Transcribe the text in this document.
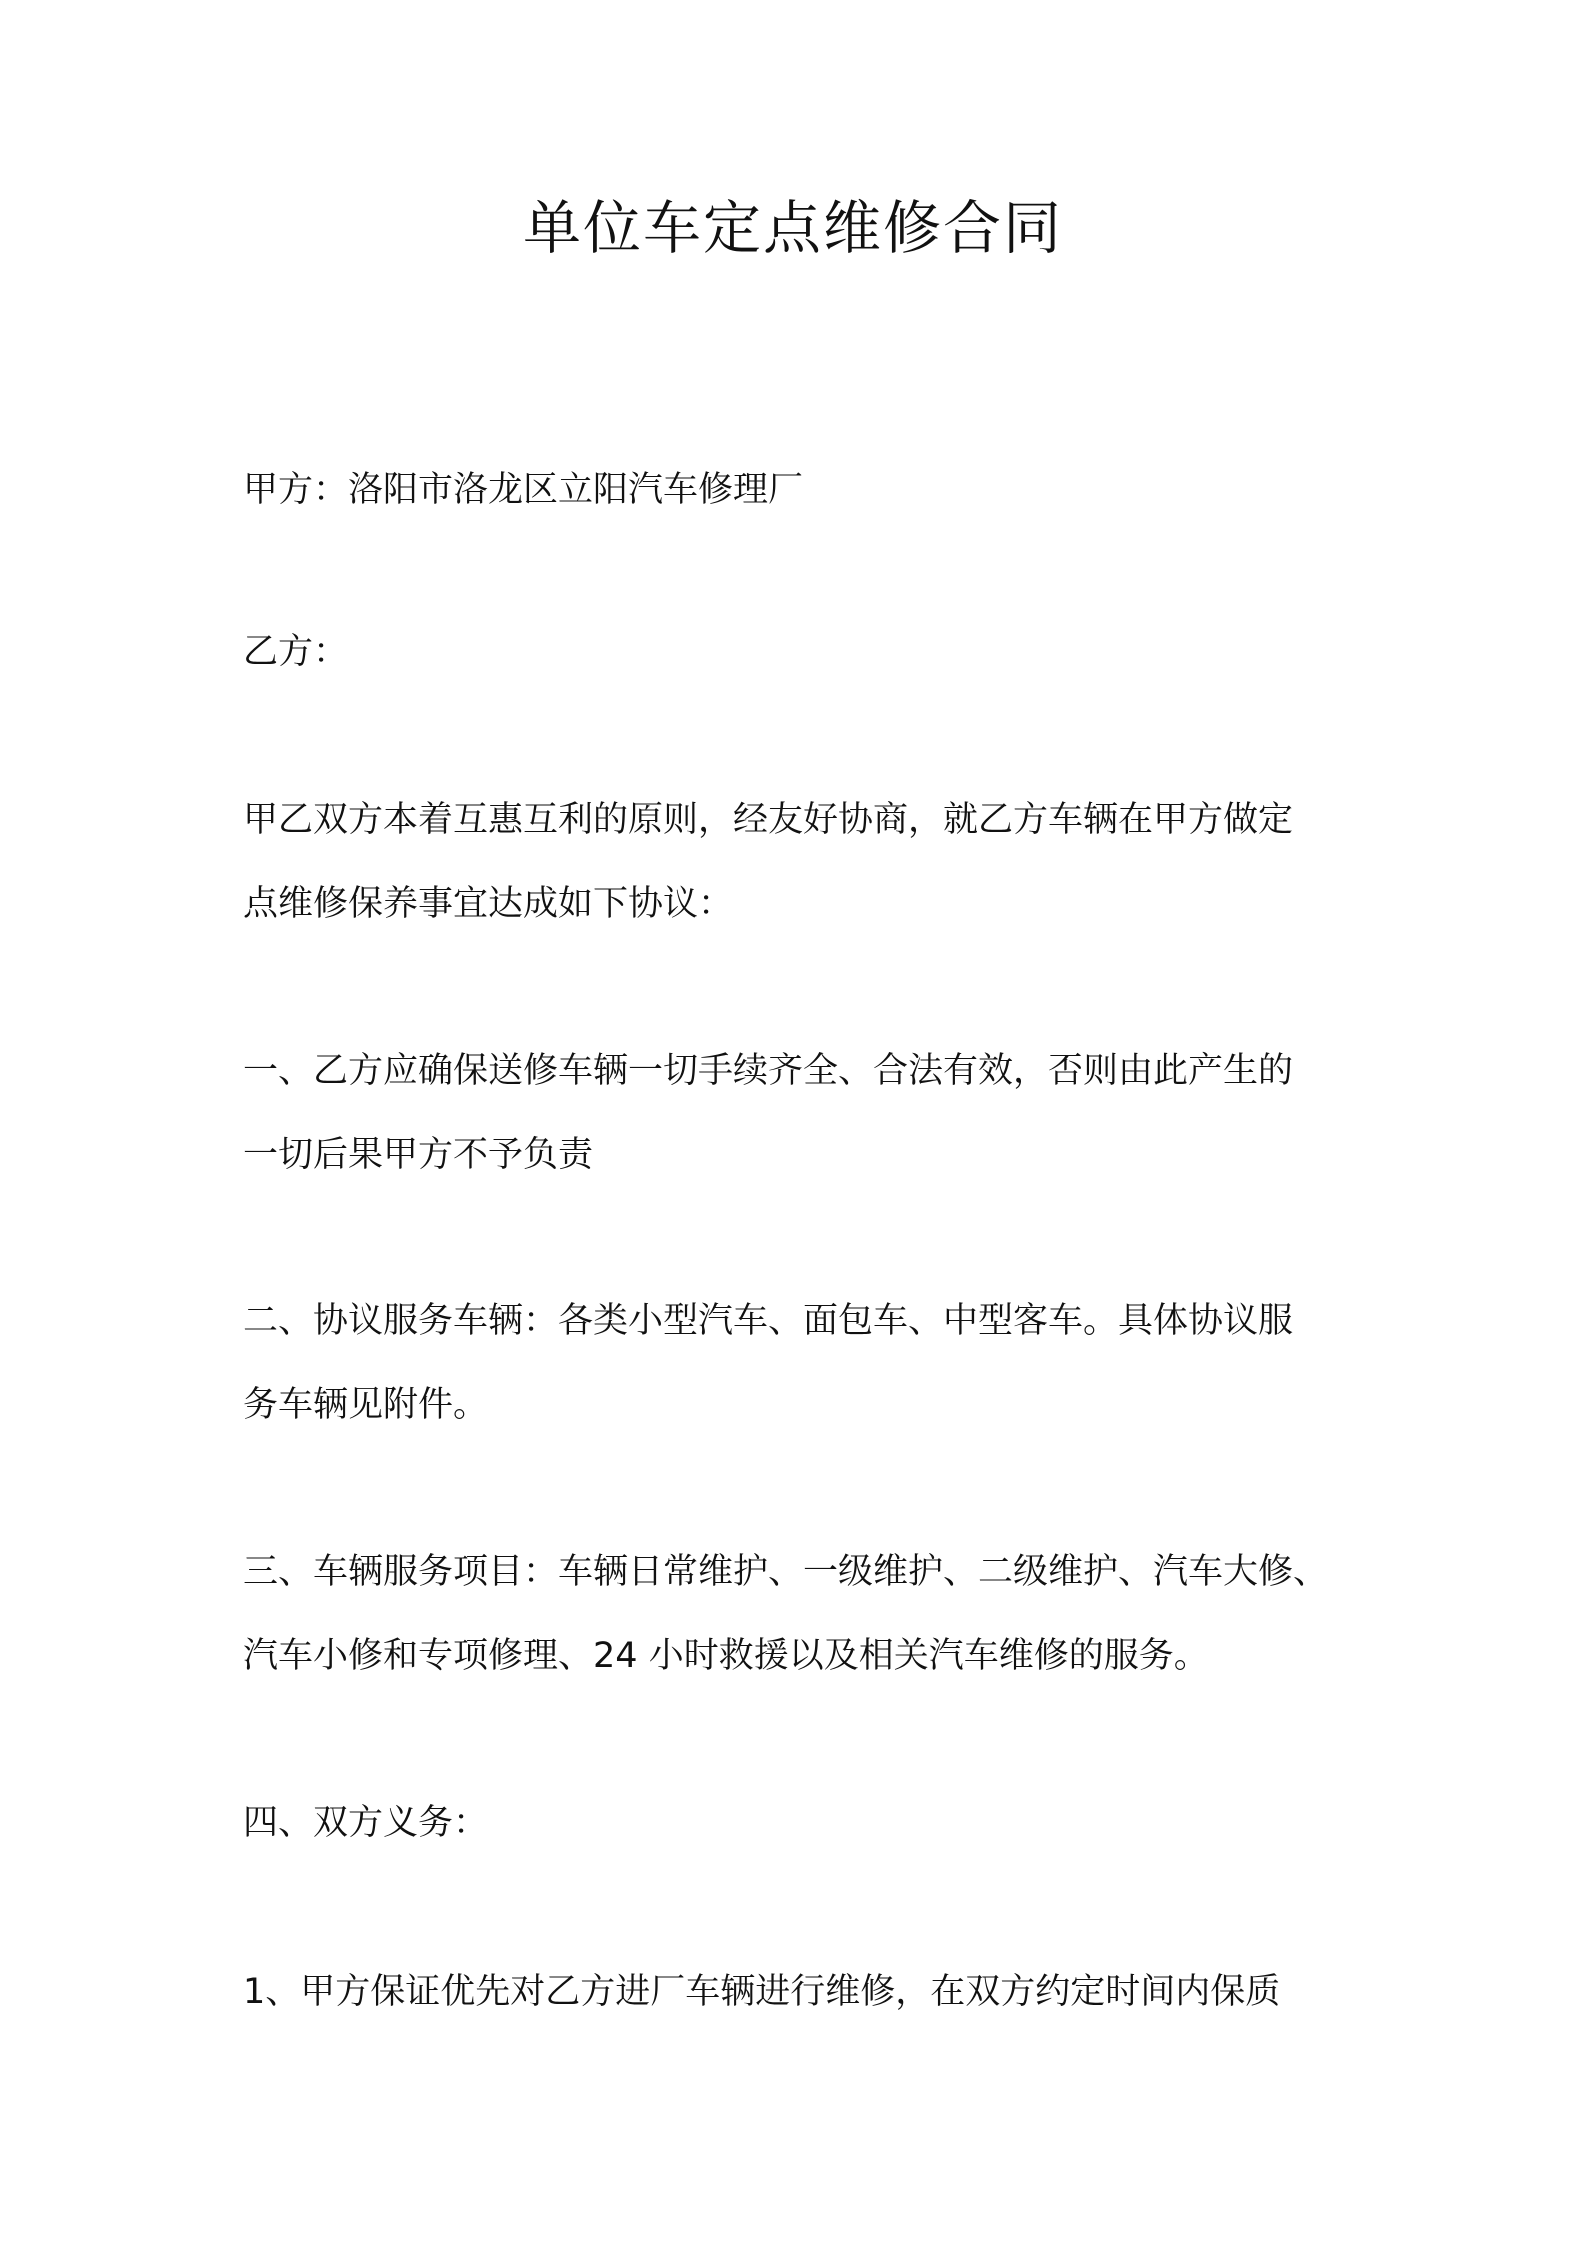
单位车定点维修合同

甲方：洛阳市洛龙区立阳汽车修理厂

乙方：

甲乙双方本着互惠互利的原则，经友好协商，就乙方车辆在甲方做定
点维修保养事宜达成如下协议：

一、乙方应确保送修车辆一切手续齐全、合法有效，否则由此产生的
一切后果甲方不予负责

二、协议服务车辆：各类小型汽车、面包车、中型客车。具体协议服
务车辆见附件。

三、车辆服务项目：车辆日常维护、一级维护、二级维护、汽车大修、
汽车小修和专项修理、24 小时救援以及相关汽车维修的服务。

四、双方义务：

1、甲方保证优先对乙方进厂车辆进行维修，在双方约定时间内保质
